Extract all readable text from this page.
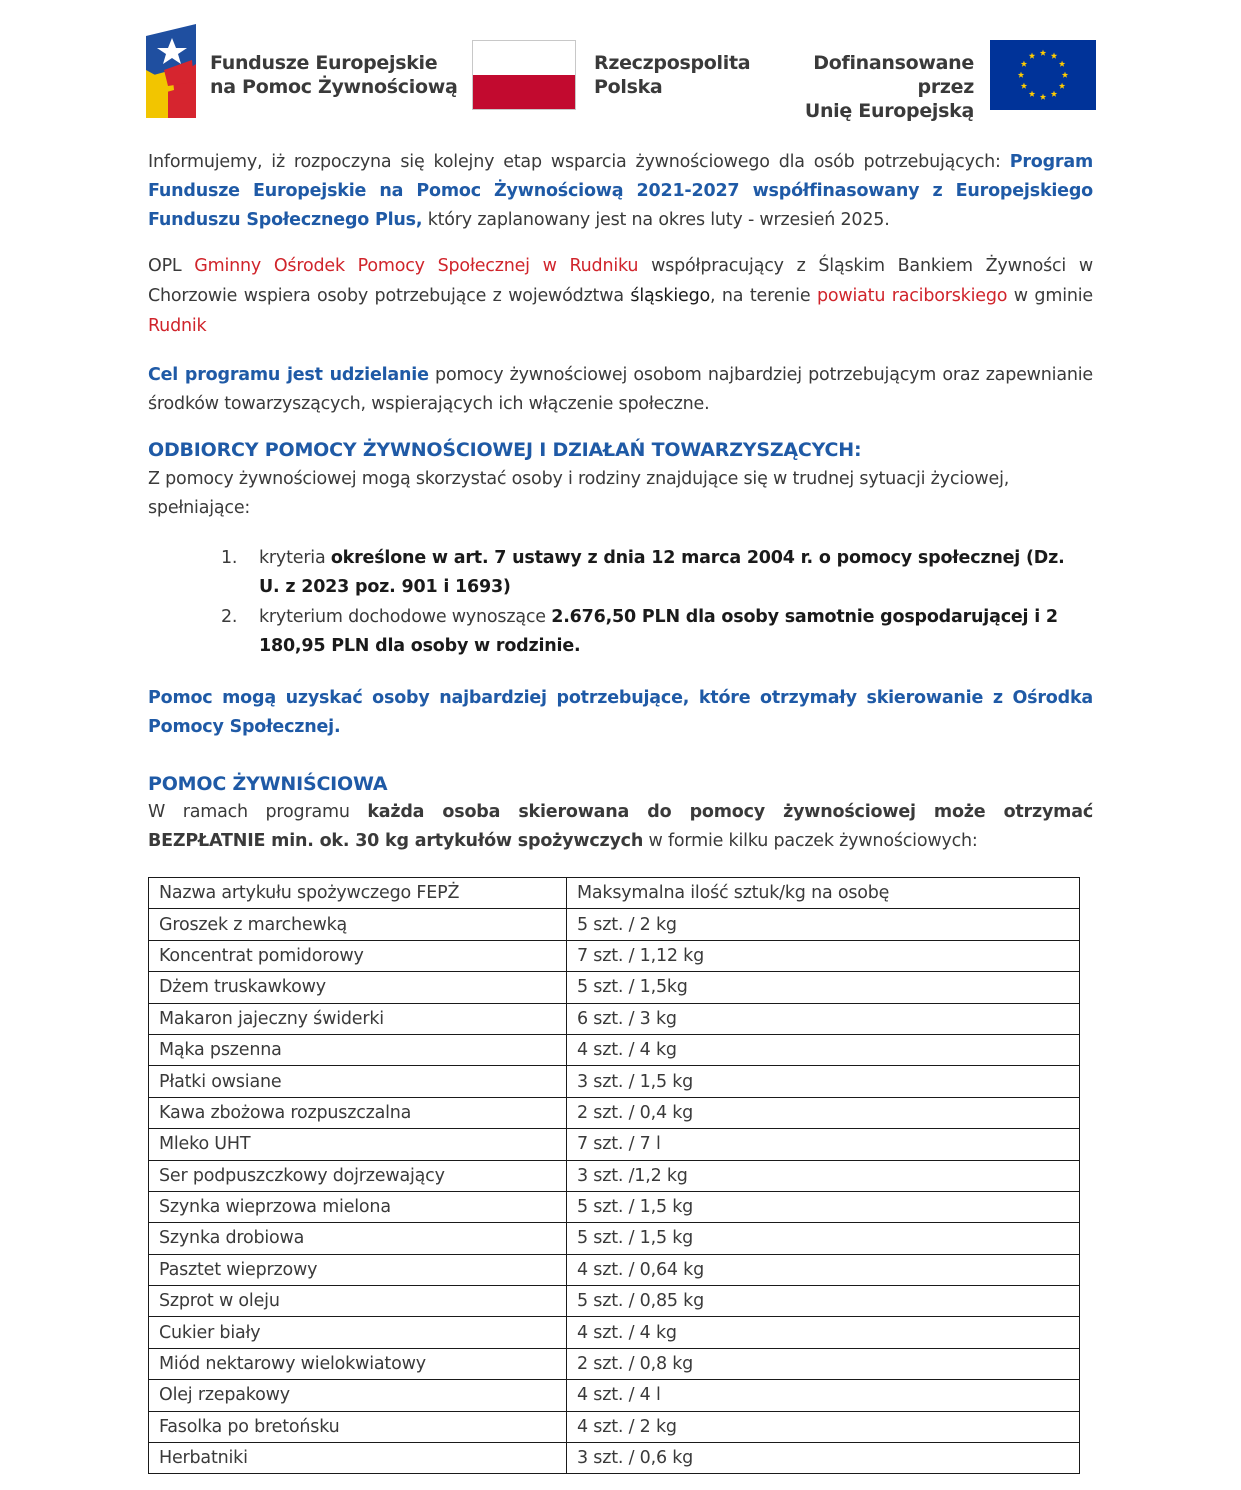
Fundusze Europejskie
na Pomoc Żywnościową
Rzeczpospolita
Polska
Dofinansowane przez
Unię Europejską
Informujemy, iż rozpoczyna się kolejny etap wsparcia żywnościowego dla osób potrzebujących: Program Fundusze Europejskie na Pomoc Żywnościową 2021-2027 współfinasowany z Europejskiego Funduszu Społecznego Plus, który zaplanowany jest na okres luty - wrzesień 2025.
OPL Gminny Ośrodek Pomocy Społecznej w Rudniku współpracujący z Śląskim Bankiem Żywności w Chorzowie wspiera osoby potrzebujące z województwa śląskiego, na terenie powiatu raciborskiego w gminie Rudnik
Cel programu jest udzielanie pomocy żywnościowej osobom najbardziej potrzebującym oraz zapewnianie środków towarzyszących, wspierających ich włączenie społeczne.
ODBIORCY POMOCY ŻYWNOŚCIOWEJ I DZIAŁAŃ TOWARZYSZĄCYCH:
Z pomocy żywnościowej mogą skorzystać osoby i rodziny znajdujące się w trudnej sytuacji życiowej, spełniające:
1. kryteria określone w art. 7 ustawy z dnia 12 marca 2004 r. o pomocy społecznej (Dz. U. z 2023 poz. 901 i 1693)
2. kryterium dochodowe wynoszące 2.676,50 PLN dla osoby samotnie gospodarującej i 2 180,95 PLN dla osoby w rodzinie.
Pomoc mogą uzyskać osoby najbardziej potrzebujące, które otrzymały skierowanie z Ośrodka Pomocy Społecznej.
POMOC ŻYWNIŚCIOWA
W ramach programu każda osoba skierowana do pomocy żywnościowej może otrzymać BEZPŁATNIE min. ok. 30 kg artykułów spożywczych w formie kilku paczek żywnościowych:
Nazwa artykułu spożywczego FEPŻ	Maksymalna ilość sztuk/kg na osobę
Groszek z marchewką	5 szt. / 2 kg
Koncentrat pomidorowy	7 szt. / 1,12 kg
Dżem truskawkowy	5 szt. / 1,5kg
Makaron jajeczny świderki	6 szt. / 3 kg
Mąka pszenna	4 szt. / 4 kg
Płatki owsiane	3 szt. / 1,5 kg
Kawa zbożowa rozpuszczalna	2 szt. / 0,4 kg
Mleko UHT	7 szt. / 7 l
Ser podpuszczkowy dojrzewający	3 szt. /1,2 kg
Szynka wieprzowa mielona	5 szt. / 1,5 kg
Szynka drobiowa	5 szt. / 1,5 kg
Pasztet wieprzowy	4 szt. / 0,64 kg
Szprot w oleju	5 szt. / 0,85 kg
Cukier biały	4 szt. / 4 kg
Miód nektarowy wielokwiatowy	2 szt. / 0,8 kg
Olej rzepakowy	4 szt. / 4 l
Fasolka po bretońsku	4 szt. / 2 kg
Herbatniki	3 szt. / 0,6 kg
